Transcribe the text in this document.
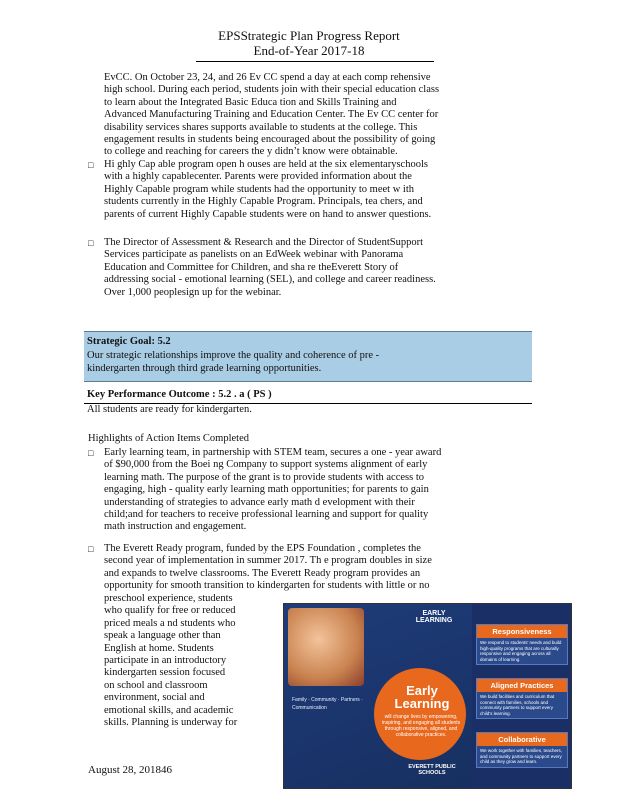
EPSStrategic Plan Progress Report
End-of-Year 2017-18
EvCC. On October 23, 24, and 26 Ev CC spend a day at each comp rehensive
high school. During each period, students join with their special education class
to learn about the Integrated Basic Educa tion and Skills Training and
Advanced Manufacturing Training and Education Center. The Ev CC center for
disability services shares supports available to students at the college. This
engagement results in students being encouraged about the possibility of going
to college and reaching for careers the y didn’t know were obtainable.
□ Hi ghly Cap able program open h ouses are held at the six elementaryschools
with a highly capablecenter. Parents were provided information about the
Highly Capable program while students had the opportunity to meet w ith
students currently in the Highly Capable Program. Principals, tea chers, and
parents of current Highly Capable students were on hand to answer questions.
□ The Director of Assessment & Research and the Director of StudentSupport
Services participate as panelists on an EdWeek webinar with Panorama
Education and Committee for Children, and sha re theEverett Story of
addressing social - emotional learning (SEL), and college and career readiness.
Over 1,000 peoplesign up for the webinar.
Strategic Goal: 5.2
Our strategic relationships improve the quality and coherence of pre -
kindergarten through third grade learning opportunities.
Key Performance Outcome : 5.2 . a ( PS )
All students are ready for kindergarten.
Highlights of Action Items Completed
□ Early learning team, in partnership with STEM team, secures a one - year award
of $90,000 from the Boei ng Company to support systems alignment of early
learning math. The purpose of the grant is to provide students with access to
engaging, high - quality early learning math opportunities; for parents to gain
understanding of strategies to advance early math d evelopment with their
child;and for teachers to receive professional learning and support for quality
math instruction and engagement.
□ The Everett Ready program, funded by the EPS Foundation , completes the
second year of implementation in summer 2017. Th e program doubles in size
and expands to twelve classrooms. The Everett Ready program provides an
opportunity for smooth transition to kindergarten for students with little or no
preschool experience, students
who qualify for free or reduced
priced meals a nd students who
speak a language other than
English at home. Students
participate in an introductory
kindergarten session focused
on school and classroom
environment, social and
emotional skills, and academic
skills. Planning is underway for
EARLY LEARNING
Family · Community · Partners · Communication
Early Learning
will change lives by empowering, inspiring, and engaging all students through responsive, aligned, and collaborative practices.
EVERETT PUBLIC SCHOOLS
Responsiveness
We respond to students' needs and build high-quality programs that are culturally responsive and engaging across all domains of learning.
Aligned Practices
We build facilities and curriculum that connect with families, schools and community partners to support every child's learning.
Collaborative
We work together with families, teachers, and community partners to support every child as they grow and learn.
August 28, 201846
